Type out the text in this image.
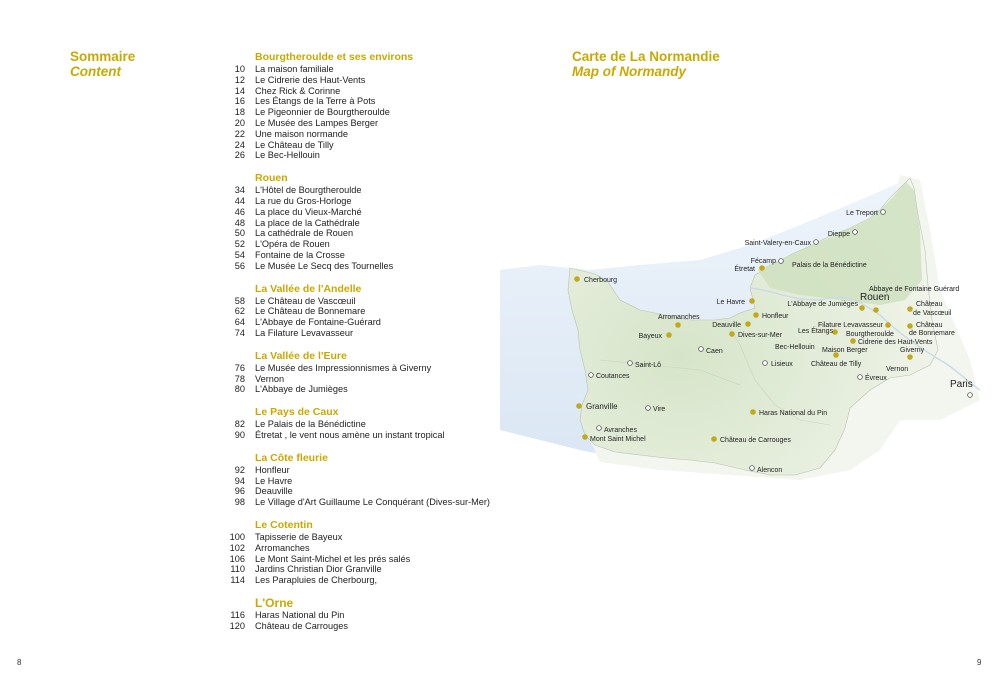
Sommaire
Content
Bourgtheroulde et ses environs
10 La maison familiale
12 Le Cidrerie des Haut-Vents
14 Chez Rick & Corinne
16 Les Étangs de la Terre à Pots
18 Le Pigeonnier de Bourgtheroulde
20 Le Musée des Lampes Berger
22 Une maison normande
24 Le Château de Tilly
26 Le Bec-Hellouin
Rouen
34 L'Hôtel de Bourgtheroulde
44 La rue du Gros-Horloge
46 La place du Vieux-Marché
48 La place de la Cathédrale
50 La cathédrale de Rouen
52 L'Opéra de Rouen
54 Fontaine de la Crosse
56 Le Musée Le Secq des Tournelles
La Vallée de l'Andelle
58 Le Château de Vascœuil
62 Le Château de Bonnemare
64 L'Abbaye de Fontaine-Guérard
74 La Filature Levavasseur
La Vallée de l'Eure
76 Le Musée des Impressionnismes à Giverny
78 Vernon
80 L'Abbaye de Jumièges
Le Pays de Caux
82 Le Palais de la Bénédictine
90 Étretat , le vent nous amène un instant tropical
La Côte fleurie
92 Honfleur
94 Le Havre
96 Deauville
98 Le Village d'Art Guillaume Le Conquérant (Dives-sur-Mer)
Le Cotentin
100 Tapisserie de Bayeux
102 Arromanches
106 Le Mont Saint-Michel et les prés salés
110 Jardins Christian Dior Granville
114 Les Parapluies de Cherbourg,
L'Orne
116 Haras National du Pin
120 Château de Carrouges
Carte de La Normandie
Map of Normandy
Le Treport
Dieppe
Saint-Valery-en-Caux
Fécamp
Palais de la Bénédictine
Étretat
Cherbourg
Le Havre
Honfleur
L'Abbaye de Jumièges
Rouen
Abbaye de Fontaine Guérard
Château
de Vascœuil
Château
de Bonnemare
Filature Levavasseur
Les Étangs Bourgtheroulde
Cidrerie des Haut-Vents
Giverny
Arromanches
Bayeux
Deauville
Dives-sur-Mer
Caen
Bec-Hellouin Maison Berger
Château de Tilly
Vernon
Évreux
Paris
Saint-Lô	Lisieux
Coutances
Granville	Vire
Haras National du Pin
Avranches
Mont Saint Michel	Château de Carrouges
Alencon
8	9
